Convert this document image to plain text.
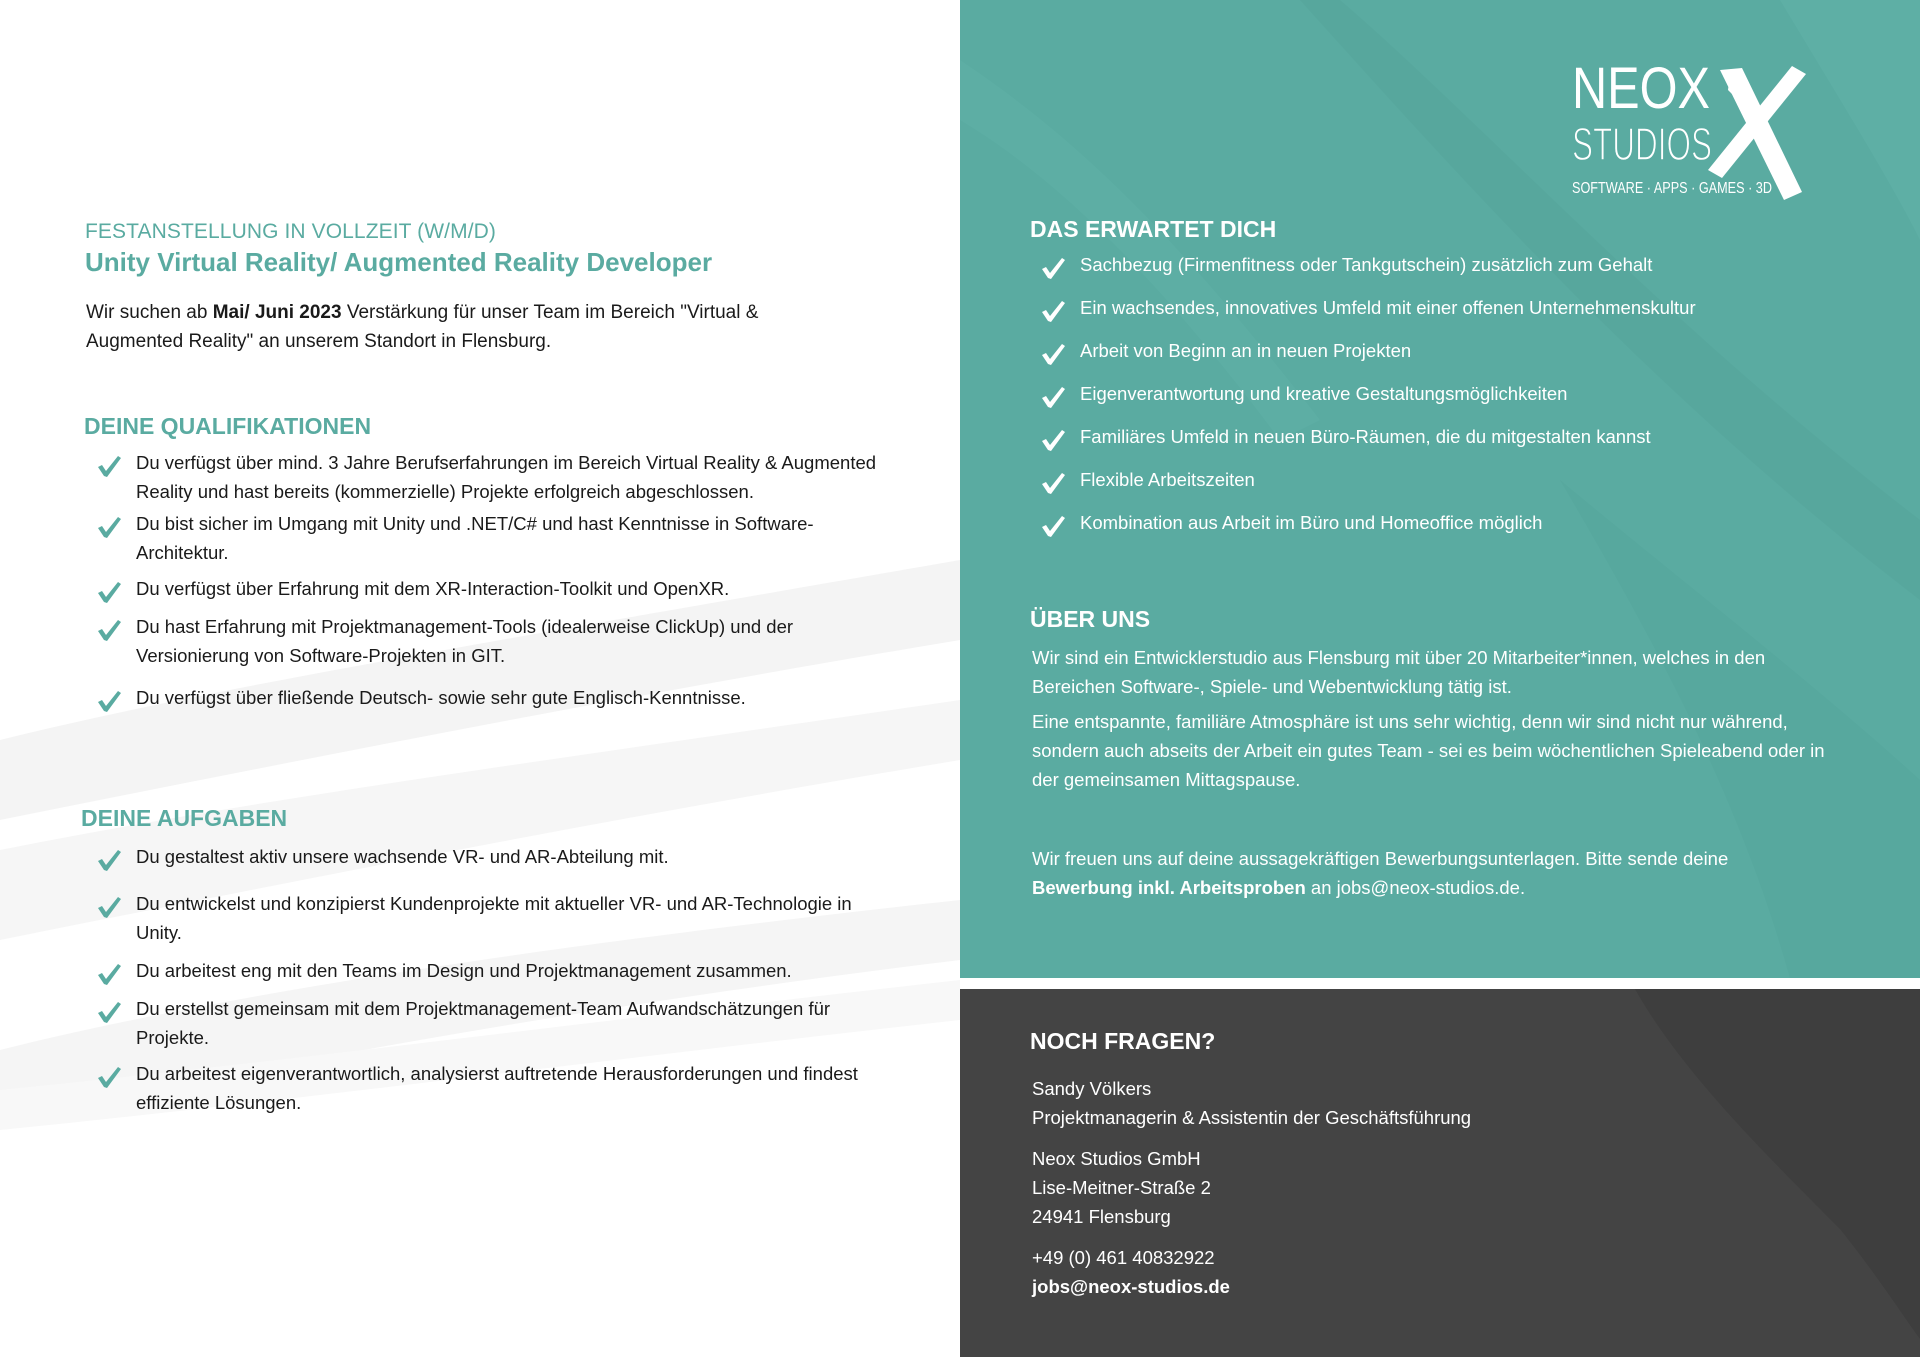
NEOX
STUDIOS
SOFTWARE · APPS · GAMES · 3D
FESTANSTELLUNG IN VOLLZEIT (W/M/D)
Unity Virtual Reality/ Augmented Reality Developer
Wir suchen ab Mai/ Juni 2023 Verstärkung für unser Team im Bereich "Virtual & Augmented Reality" an unserem Standort in Flensburg.
DEINE QUALIFIKATIONEN
Du verfügst über mind. 3 Jahre Berufserfahrungen im Bereich Virtual Reality & Augmented Reality und hast bereits (kommerzielle) Projekte erfolgreich abgeschlossen.
Du bist sicher im Umgang mit Unity und .NET/C# und hast Kenntnisse in Software-Architektur.
Du verfügst über Erfahrung mit dem XR-Interaction-Toolkit und OpenXR.
Du hast Erfahrung mit Projektmanagement-Tools (idealerweise ClickUp) und der Versionierung von Software-Projekten in GIT.
Du verfügst über fließende Deutsch- sowie sehr gute Englisch-Kenntnisse.
DEINE AUFGABEN
Du gestaltest aktiv unsere wachsende VR- und AR-Abteilung mit.
Du entwickelst und konzipierst Kundenprojekte mit aktueller VR- und AR-Technologie in Unity.
Du arbeitest eng mit den Teams im Design und Projektmanagement zusammen.
Du erstellst gemeinsam mit dem Projektmanagement-Team Aufwandschätzungen für Projekte.
Du arbeitest eigenverantwortlich, analysierst auftretende Herausforderungen und findest effiziente Lösungen.
DAS ERWARTET DICH
Sachbezug (Firmenfitness oder Tankgutschein) zusätzlich zum Gehalt
Ein wachsendes, innovatives Umfeld mit einer offenen Unternehmenskultur
Arbeit von Beginn an in neuen Projekten
Eigenverantwortung und kreative Gestaltungsmöglichkeiten
Familiäres Umfeld in neuen Büro-Räumen, die du mitgestalten kannst
Flexible Arbeitszeiten
Kombination aus Arbeit im Büro und Homeoffice möglich
ÜBER UNS

Wir sind ein Entwicklerstudio aus Flensburg mit über 20 Mitarbeiter*innen, welches in den Bereichen Software-, Spiele- und Webentwicklung tätig ist.

Eine entspannte, familiäre Atmosphäre ist uns sehr wichtig, denn wir sind nicht nur während, sondern auch abseits der Arbeit ein gutes Team - sei es beim wöchentlichen Spieleabend oder in der gemeinsamen Mittagspause.

Wir freuen uns auf deine aussagekräftigen Bewerbungsunterlagen. Bitte sende deine Bewerbung inkl. Arbeitsproben an jobs@neox-studios.de.
NOCH FRAGEN?
Sandy Völkers
Projektmanagerin & Assistentin der Geschäftsführung
Neox Studios GmbH
Lise-Meitner-Straße 2
24941 Flensburg
+49 (0) 461 40832922
jobs@neox-studios.de
